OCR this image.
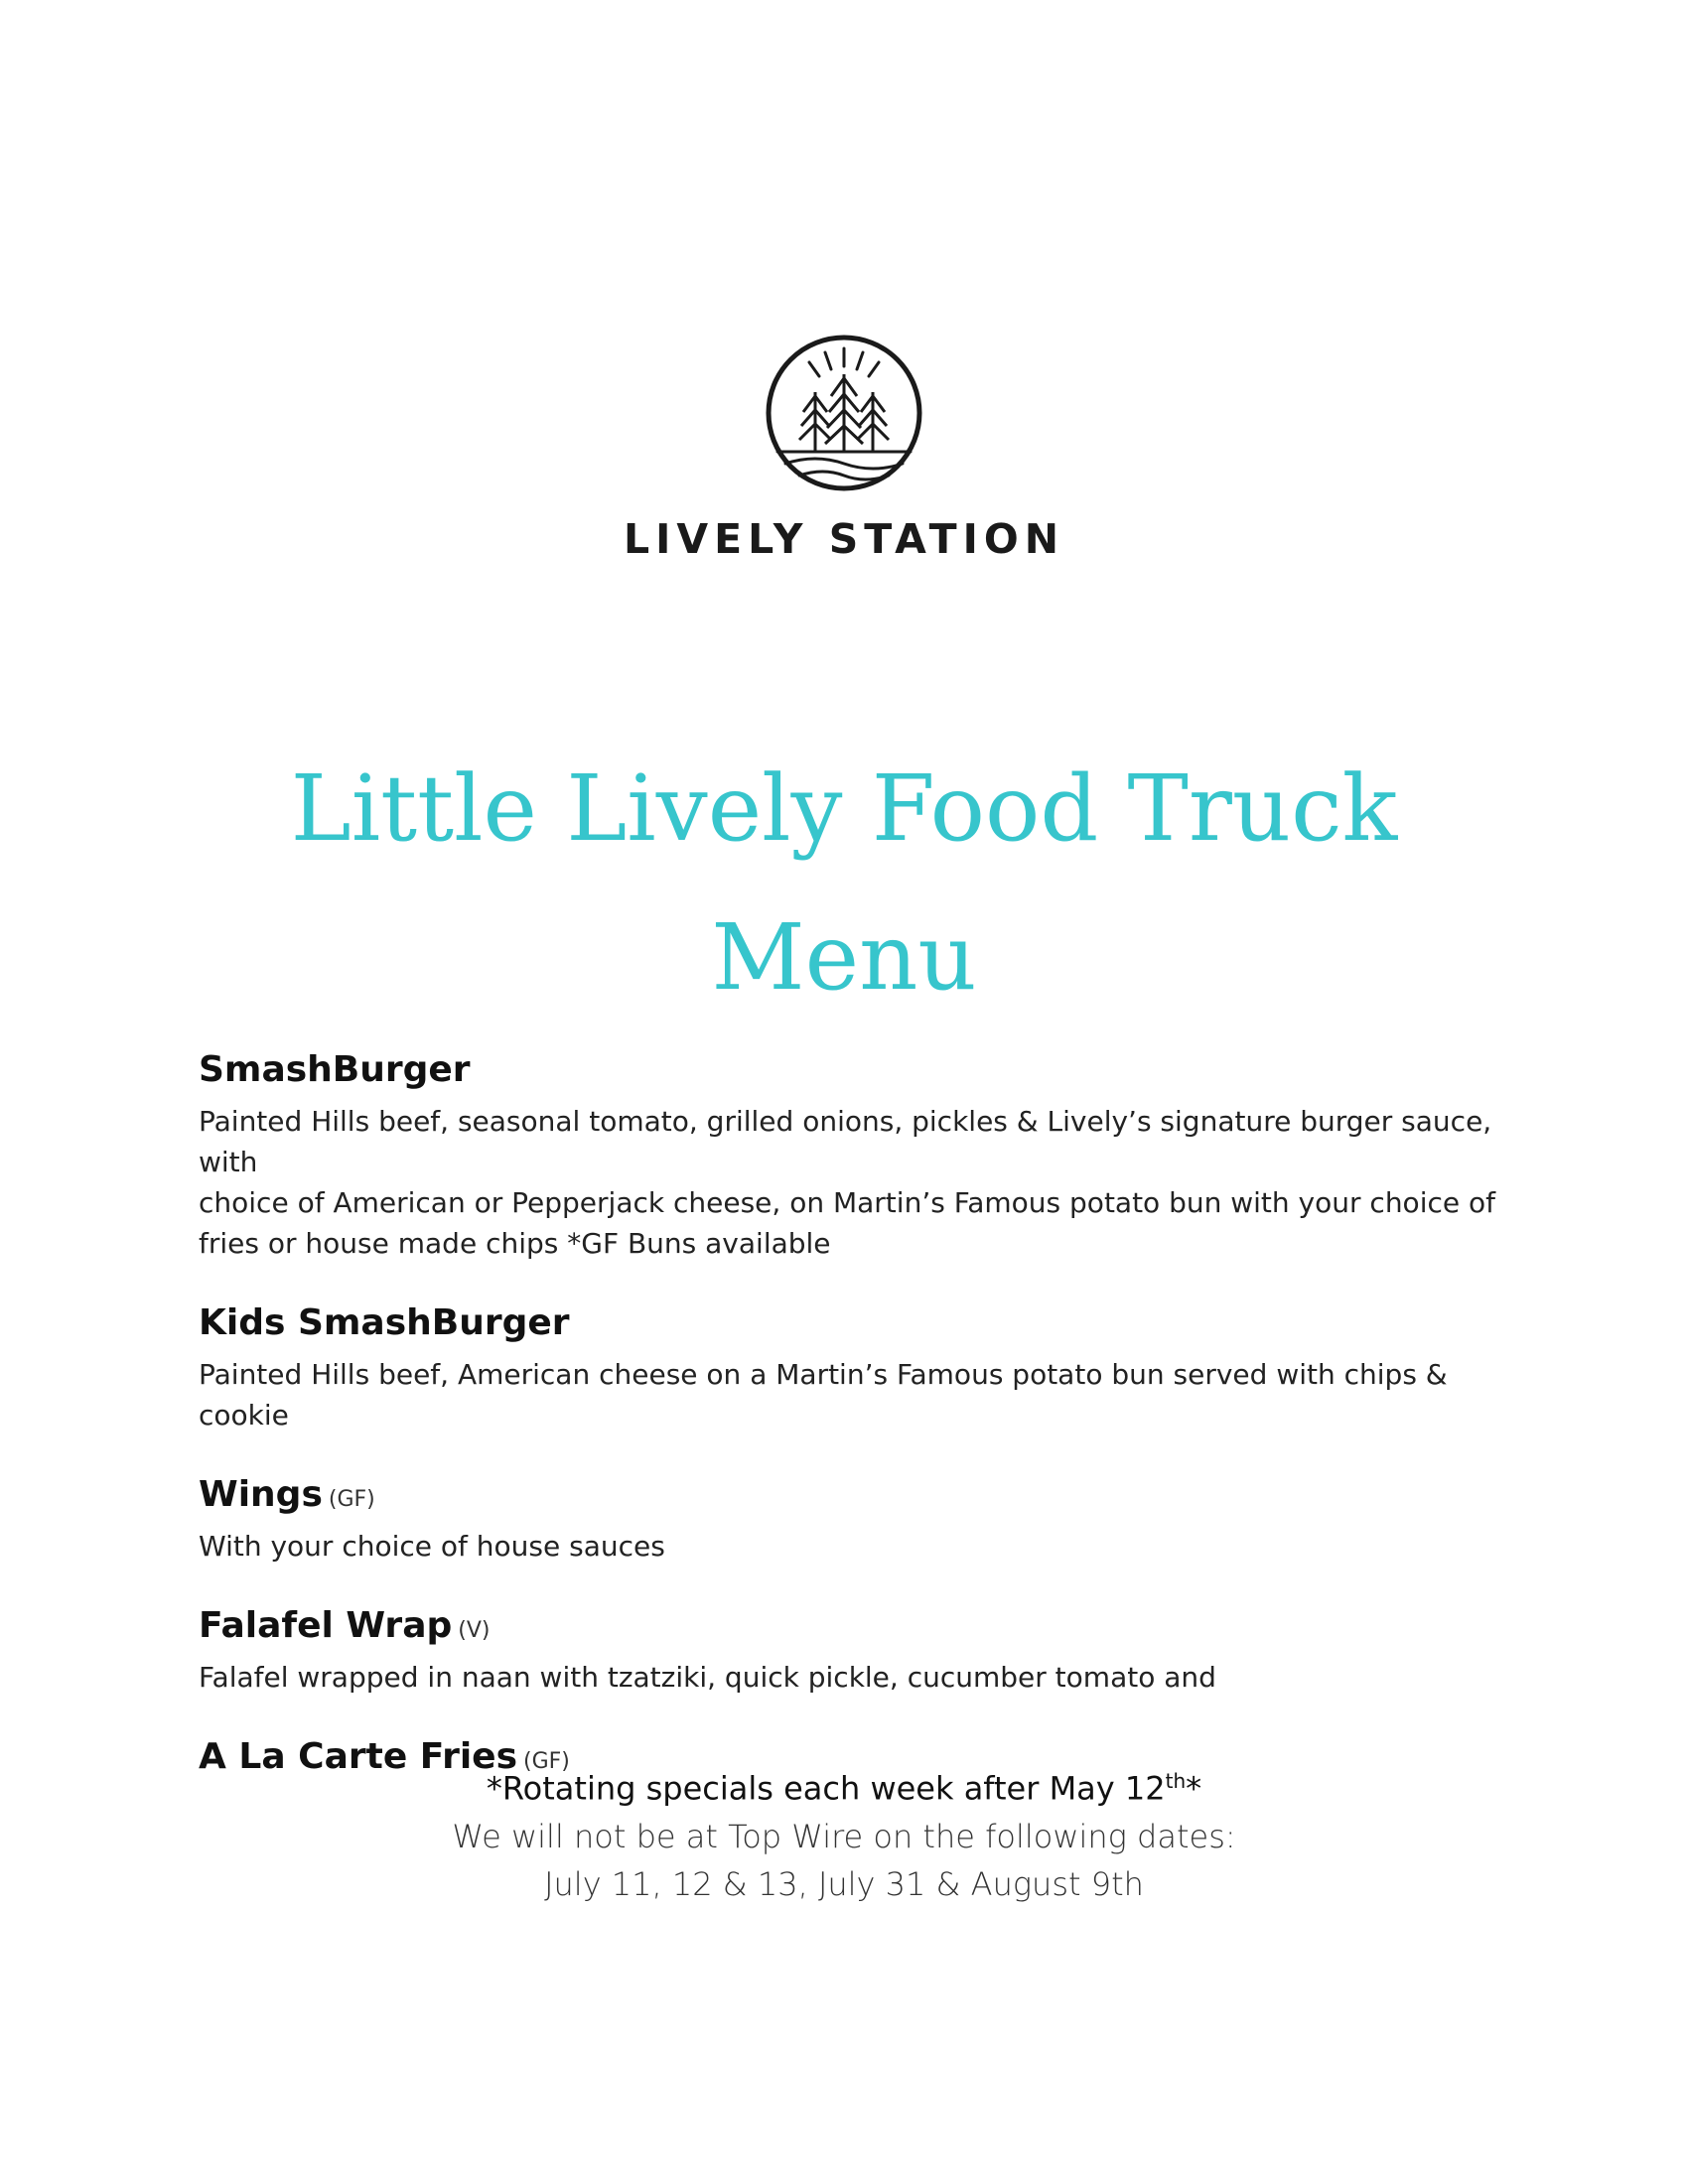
LIVELY STATION
Little Lively Food Truck
Menu
SmashBurger
Painted Hills beef, seasonal tomato, grilled onions, pickles & Lively’s signature burger sauce, with
choice of American or Pepperjack cheese, on Martin’s Famous potato bun with your choice of
fries or house made chips *GF Buns available
Kids SmashBurger
Painted Hills beef, American cheese on a Martin’s Famous potato bun served with chips & cookie
Wings (GF)
With your choice of house sauces
Falafel Wrap (V)
Falafel wrapped in naan with tzatziki, quick pickle, cucumber tomato and
A La Carte Fries (GF)
*Rotating specials each week after May 12th*
We will not be at Top Wire on the following dates:
July 11, 12 & 13, July 31 & August 9th
